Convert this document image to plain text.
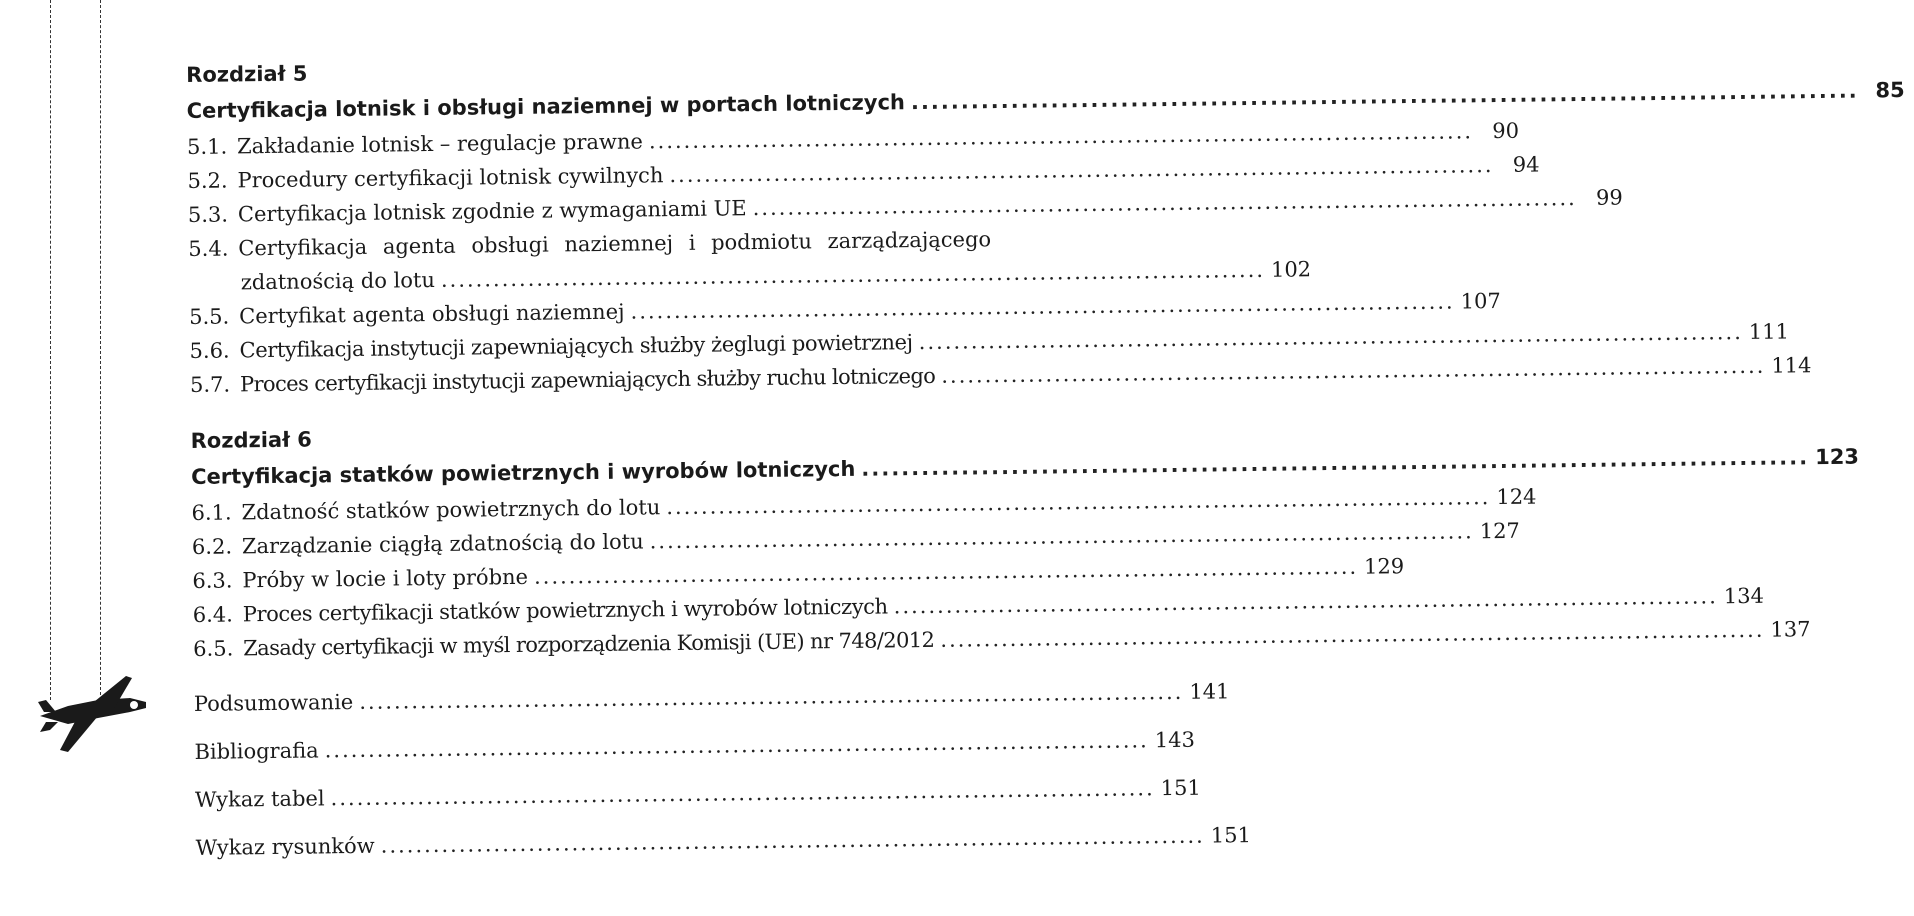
Rozdział 5
Certyfikacja lotnisk i obsługi naziemnej w portach lotniczych ............................................................................................... 85
5.1. Zakładanie lotnisk – regulacje prawne ............................................................................................... 90
5.2. Procedury certyfikacji lotnisk cywilnych ............................................................................................... 94
5.3. Certyfikacja lotnisk zgodnie z wymaganiami UE ............................................................................................... 99
5.4. Certyfikacja agenta obsługi naziemnej i podmiotu zarządzającego
zdatnością do lotu ............................................................................................... 102
5.5. Certyfikat agenta obsługi naziemnej ............................................................................................... 107
5.6. Certyfikacja instytucji zapewniających służby żeglugi powietrznej ............................................................................................... 111
5.7. Proces certyfikacji instytucji zapewniających służby ruchu lotniczego ............................................................................................... 114
Rozdział 6
Certyfikacja statków powietrznych i wyrobów lotniczych ............................................................................................... 123
6.1. Zdatność statków powietrznych do lotu ............................................................................................... 124
6.2. Zarządzanie ciągłą zdatnością do lotu ............................................................................................... 127
6.3. Próby w locie i loty próbne ............................................................................................... 129
6.4. Proces certyfikacji statków powietrznych i wyrobów lotniczych ............................................................................................... 134
6.5. Zasady certyfikacji w myśl rozporządzenia Komisji (UE) nr 748/2012 ............................................................................................... 137
Podsumowanie ............................................................................................... 141
Bibliografia ............................................................................................... 143
Wykaz tabel ............................................................................................... 151
Wykaz rysunków ............................................................................................... 151
